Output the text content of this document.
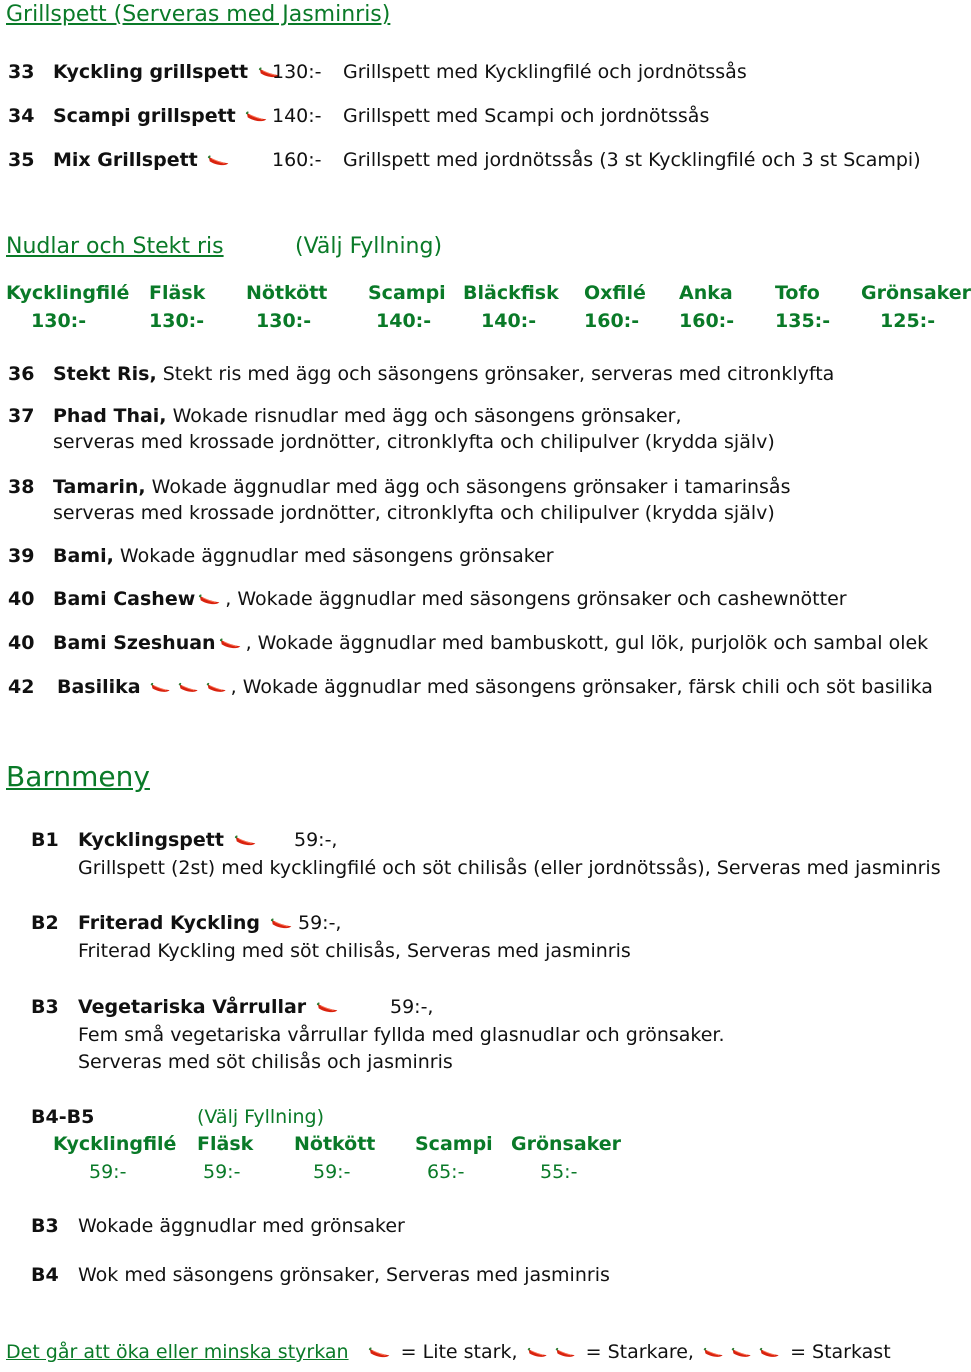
Grillspett (Serveras med Jasminris)
33 Kyckling grillspett	130:- Grillspett med Kycklingfilé och jordnötssås
34 Scampi grillspett	140:- Grillspett med Scampi och jordnötssås
35 Mix Grillspett	160:- Grillspett med jordnötssås (3 st Kycklingfilé och 3 st Scampi)
Nudlar och Stekt ris	(Välj Fyllning)
Kycklingfilé Fläsk Nötkött Scampi Bläckfisk Oxfilé Anka Tofo Grönsaker
130:-	130:-	130:-	140:-	140:-	160:- 160:- 135:-	125:-
36 Stekt Ris, Stekt ris med ägg och säsongens grönsaker, serveras med citronklyfta
37 Phad Thai, Wokade risnudlar med ägg och säsongens grönsaker,
serveras med krossade jordnötter, citronklyfta och chilipulver (krydda själv)
38 Tamarin, Wokade äggnudlar med ägg och säsongens grönsaker i tamarinsås
serveras med krossade jordnötter, citronklyfta och chilipulver (krydda själv)
39 Bami, Wokade äggnudlar med säsongens grönsaker
40 Bami Cashew , Wokade äggnudlar med säsongens grönsaker och cashewnötter
40 Bami Szeshuan , Wokade äggnudlar med bambuskott, gul lök, purjolök och sambal olek
42 Basilika	, Wokade äggnudlar med säsongens grönsaker, färsk chili och söt basilika
Barnmeny
B1 Kycklingspett	59:-,
Grillspett (2st) med kycklingfilé och söt chilisås (eller jordnötssås), Serveras med jasminris
B2 Friterad Kyckling	59:-,
Friterad Kyckling med söt chilisås, Serveras med jasminris
B3 Vegetariska Vårrullar	59:-,
Fem små vegetariska vårrullar fyllda med glasnudlar och grönsaker.
Serveras med söt chilisås och jasminris
B4-B5	(Välj Fyllning)
Kycklingfilé Fläsk Nötkött Scampi Grönsaker
59:-	59:-	59:-	65:-	55:-
B3 Wokade äggnudlar med grönsaker
B4 Wok med säsongens grönsaker, Serveras med jasminris
Det går att öka eller minska styrkan	= Lite stark,	= Starkare,	= Starkast
